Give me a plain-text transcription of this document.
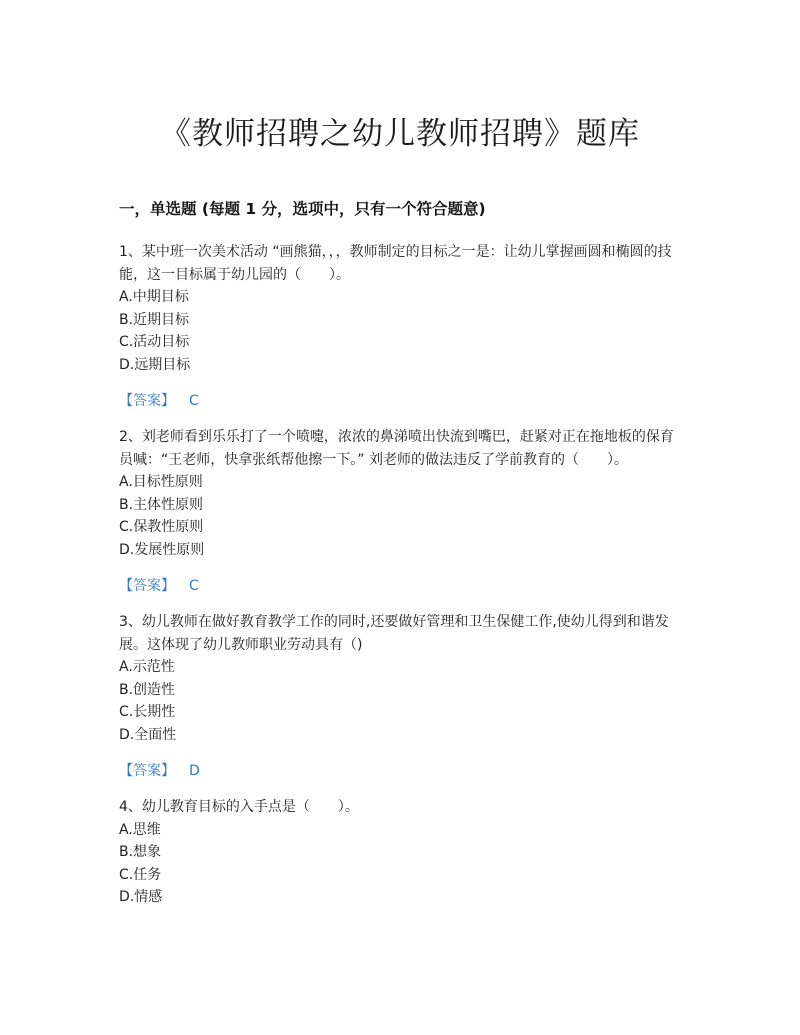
《教师招聘之幼儿教师招聘》题库
一，单选题 (每题 1 分，选项中，只有一个符合题意)

1、某中班一次美术活动 “画熊猫，，，教师制定的目标之一是：让幼儿掌握画圆和椭圆的技能，这一目标属于幼儿园的（　　）。

A.中期目标

B.近期目标

C.活动目标

D.远期目标

【答案】 C

2、刘老师看到乐乐打了一个喷嚏，浓浓的鼻涕喷出快流到嘴巴，赶紧对正在拖地板的保育员喊：“王老师，快拿张纸帮他擦一下。” 刘老师的做法违反了学前教育的（　　）。

A.目标性原则

B.主体性原则

C.保教性原则

D.发展性原则

【答案】 C

3、幼儿教师在做好教育教学工作的同时,还要做好管理和卫生保健工作,使幼儿得到和谐发展。这体现了幼儿教师职业劳动具有（)

A.示范性

B.创造性

C.长期性

D.全面性

【答案】 D

4、幼儿教育目标的入手点是（　　）。

A.思维

B.想象

C.任务

D.情感
